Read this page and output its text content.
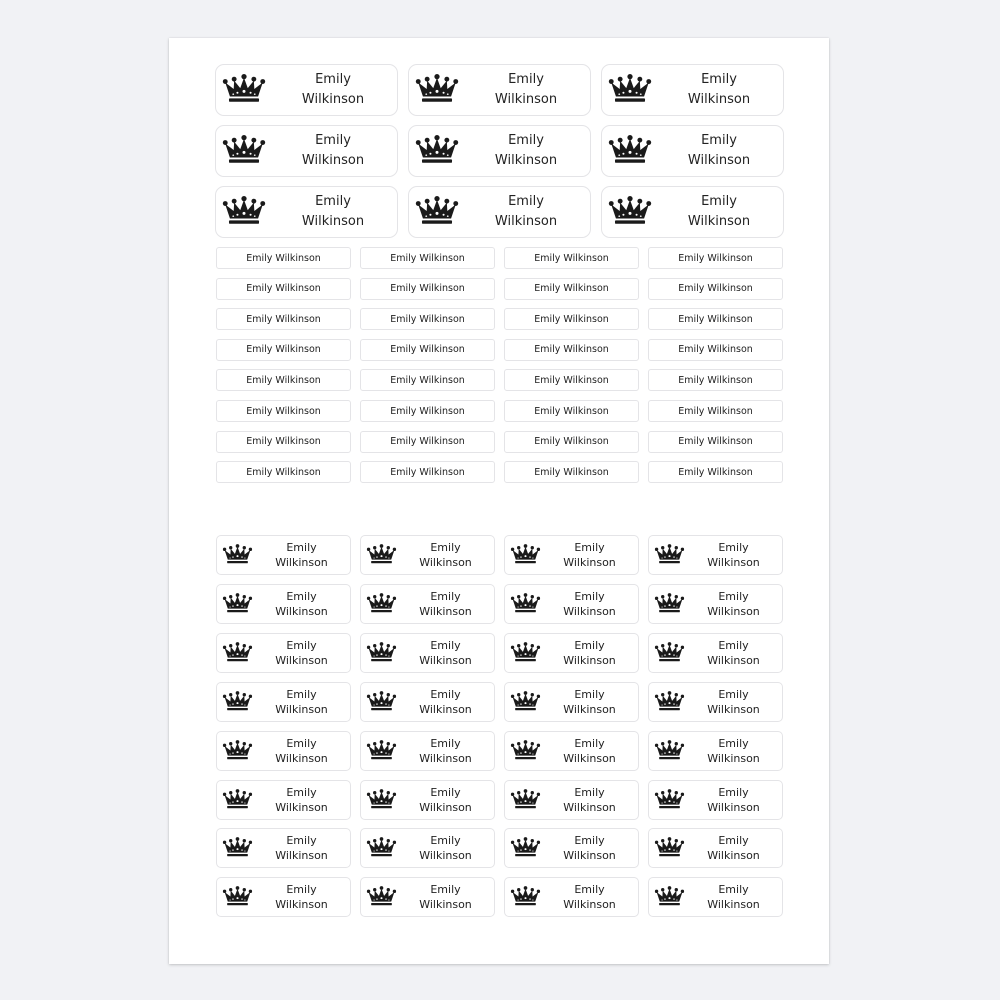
Emily
Wilkinson
Emily
Wilkinson
Emily
Wilkinson
Emily
Wilkinson
Emily
Wilkinson
Emily
Wilkinson
Emily
Wilkinson
Emily
Wilkinson
Emily
Wilkinson
Emily Wilkinson	Emily Wilkinson	Emily Wilkinson	Emily Wilkinson
Emily Wilkinson	Emily Wilkinson	Emily Wilkinson	Emily Wilkinson
Emily Wilkinson	Emily Wilkinson	Emily Wilkinson	Emily Wilkinson
Emily Wilkinson	Emily Wilkinson	Emily Wilkinson	Emily Wilkinson
Emily Wilkinson	Emily Wilkinson	Emily Wilkinson	Emily Wilkinson
Emily Wilkinson	Emily Wilkinson	Emily Wilkinson	Emily Wilkinson
Emily Wilkinson	Emily Wilkinson	Emily Wilkinson	Emily Wilkinson
Emily Wilkinson	Emily Wilkinson	Emily Wilkinson	Emily Wilkinson
Emily
Wilkinson
Emily
Wilkinson
Emily
Wilkinson
Emily
Wilkinson
Emily
Wilkinson
Emily
Wilkinson
Emily
Wilkinson
Emily
Wilkinson
Emily
Wilkinson
Emily
Wilkinson
Emily
Wilkinson
Emily
Wilkinson
Emily
Wilkinson
Emily
Wilkinson
Emily
Wilkinson
Emily
Wilkinson
Emily
Wilkinson
Emily
Wilkinson
Emily
Wilkinson
Emily
Wilkinson
Emily
Wilkinson
Emily
Wilkinson
Emily
Wilkinson
Emily
Wilkinson
Emily
Wilkinson
Emily
Wilkinson
Emily
Wilkinson
Emily
Wilkinson
Emily
Wilkinson
Emily
Wilkinson
Emily
Wilkinson
Emily
Wilkinson
